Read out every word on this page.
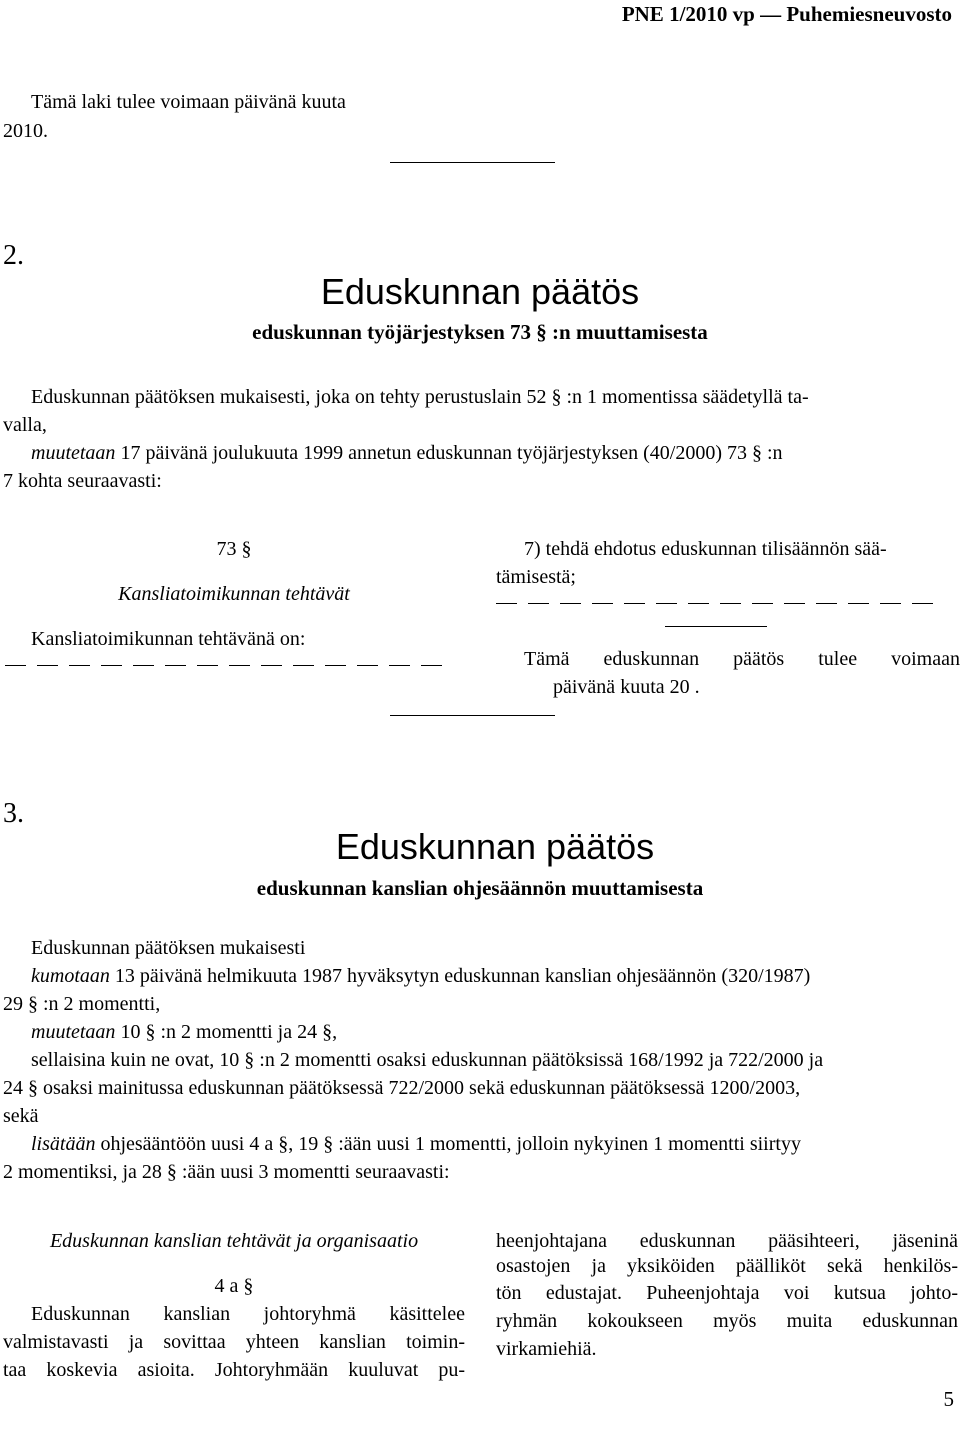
PNE 1/2010 vp — Puhemiesneuvosto
Tämä laki tulee voimaan päivänä kuuta
2010.
2.
Eduskunnan päätös
eduskunnan työjärjestyksen 73 § :n muuttamisesta
Eduskunnan päätöksen mukaisesti, joka on tehty perustuslain 52 § :n 1 momentissa säädetyllä ta-
valla,
muutetaan 17 päivänä joulukuuta 1999 annetun eduskunnan työjärjestyksen (40/2000) 73 § :n
7 kohta seuraavasti:
73 §
Kansliatoimikunnan tehtävät
Kansliatoimikunnan tehtävänä on:
7) tehdä ehdotus eduskunnan tilisäännön sää-
tämisestä;
Tämä eduskunnan päätös tulee voimaan
päivänä kuuta 20 .
3.
Eduskunnan päätös
eduskunnan kanslian ohjesäännön muuttamisesta
Eduskunnan päätöksen mukaisesti
kumotaan 13 päivänä helmikuuta 1987 hyväksytyn eduskunnan kanslian ohjesäännön (320/1987)
29 § :n 2 momentti,
muutetaan 10 § :n 2 momentti ja 24 §,
sellaisina kuin ne ovat, 10 § :n 2 momentti osaksi eduskunnan päätöksissä 168/1992 ja 722/2000 ja
24 § osaksi mainitussa eduskunnan päätöksessä 722/2000 sekä eduskunnan päätöksessä 1200/2003,
sekä
lisätään ohjesääntöön uusi 4 a §, 19 § :ään uusi 1 momentti, jolloin nykyinen 1 momentti siirtyy
2 momentiksi, ja 28 § :ään uusi 3 momentti seuraavasti:
Eduskunnan kanslian tehtävät ja organisaatio
4 a §
Eduskunnan kanslian johtoryhmä käsittelee
valmistavasti ja sovittaa yhteen kanslian toimin-
taa koskevia asioita. Johtoryhmään kuuluvat pu-
heenjohtajana eduskunnan pääsihteeri, jäseninä
osastojen ja yksiköiden päälliköt sekä henkilös-
tön edustajat. Puheenjohtaja voi kutsua johto-
ryhmän kokoukseen myös muita eduskunnan
virkamiehiä.
5
